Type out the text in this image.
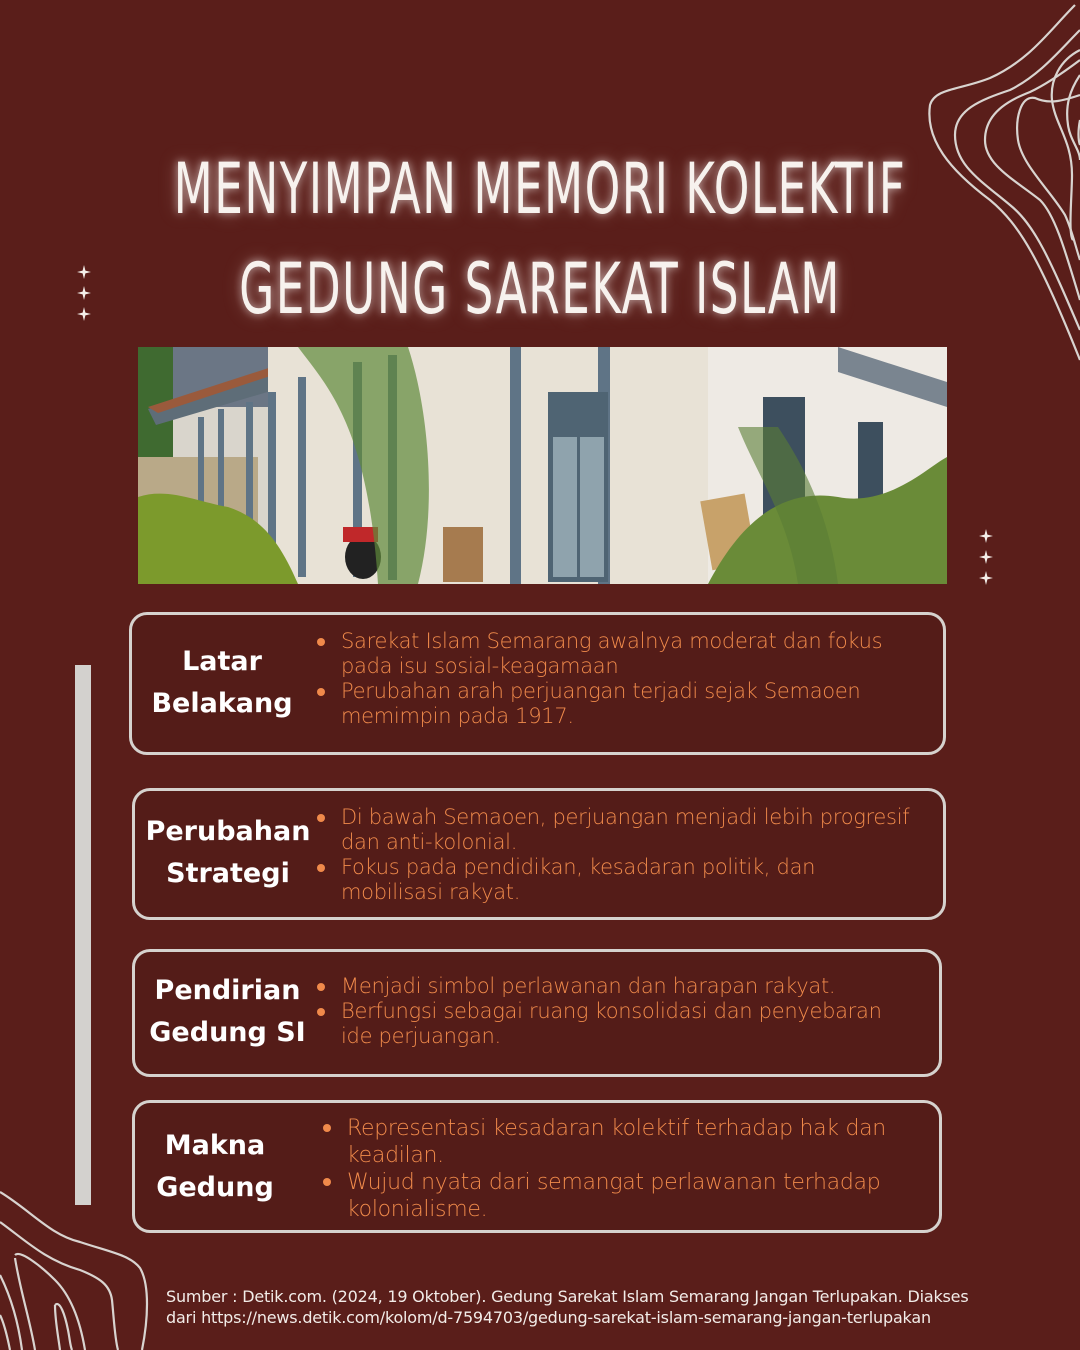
MENYIMPAN MEMORI KOLEKTIF
GEDUNG SAREKAT ISLAM
Latar
Belakang
Sarekat Islam Semarang awalnya moderat dan fokus pada isu sosial-keagamaan
Perubahan arah perjuangan terjadi sejak Semaoen memimpin pada 1917.
Perubahan
Strategi
Di bawah Semaoen, perjuangan menjadi lebih progresif dan anti-kolonial.
Fokus pada pendidikan, kesadaran politik, dan mobilisasi rakyat.
Pendirian
Gedung SI
Menjadi simbol perlawanan dan harapan rakyat.
Berfungsi sebagai ruang konsolidasi dan penyebaran ide perjuangan.
Makna
Gedung
Representasi kesadaran kolektif terhadap hak dan keadilan.
Wujud nyata dari semangat perlawanan terhadap kolonialisme.
Sumber : Detik.com. (2024, 19 Oktober). Gedung Sarekat Islam Semarang Jangan Terlupakan. Diakses
dari https://news.detik.com/kolom/d-7594703/gedung-sarekat-islam-semarang-jangan-terlupakan
